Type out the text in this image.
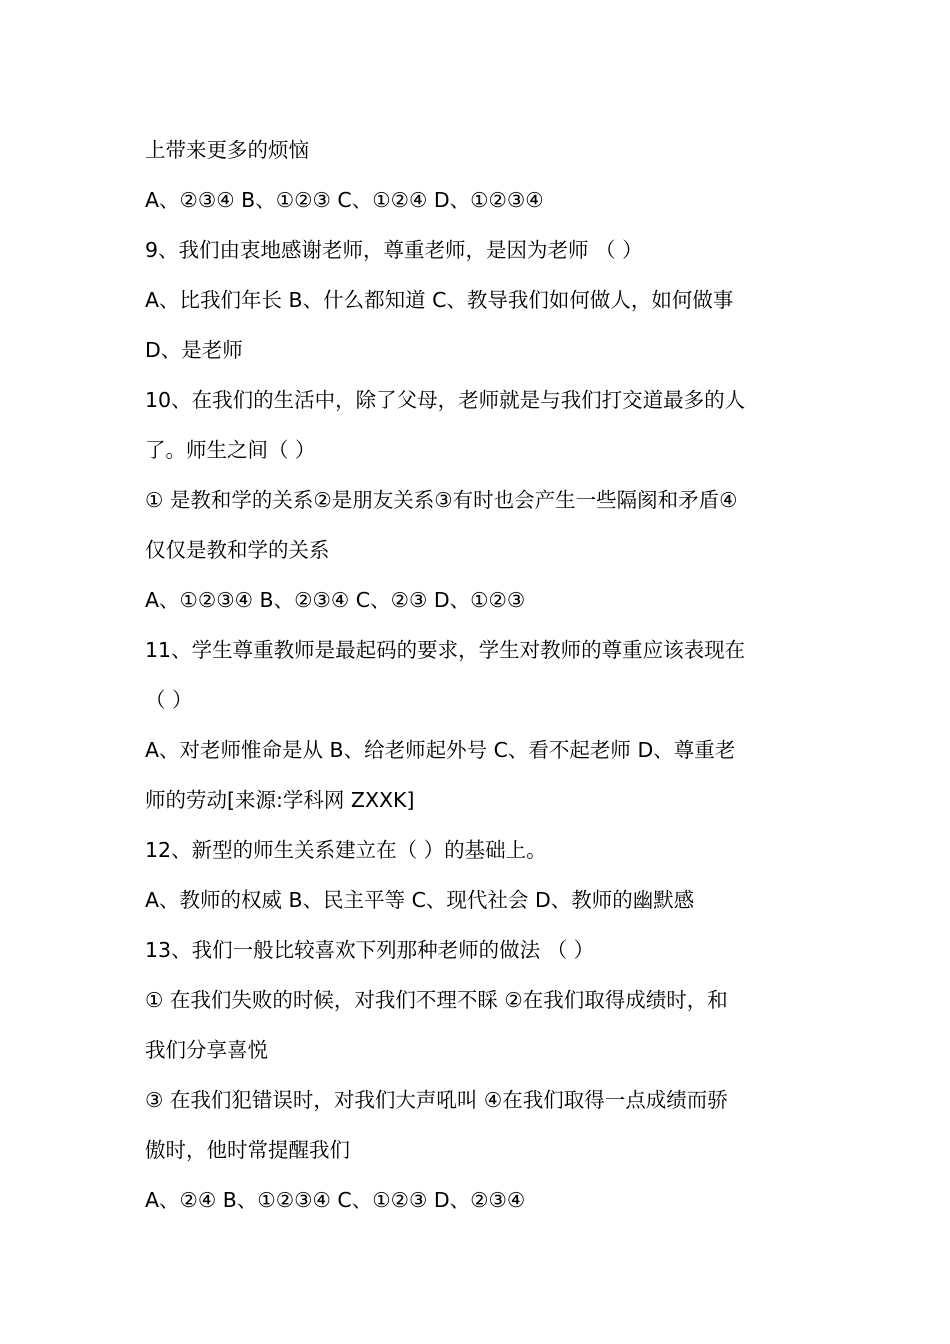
上带来更多的烦恼
A、②③④ B、①②③ C、①②④ D、①②③④
9、我们由衷地感谢老师，尊重老师，是因为老师 （ ）
A、比我们年长 B、什么都知道 C、教导我们如何做人，如何做事
D、是老师
10、在我们的生活中，除了父母，老师就是与我们打交道最多的人
了。师生之间（ ）
① 是教和学的关系②是朋友关系③有时也会产生一些隔阂和矛盾④
仅仅是教和学的关系
A、①②③④ B、②③④ C、②③ D、①②③
11、学生尊重教师是最起码的要求，学生对教师的尊重应该表现在
（ ）
A、对老师惟命是从 B、给老师起外号 C、看不起老师 D、尊重老
师的劳动[来源:学科网 ZXXK]
12、新型的师生关系建立在（ ）的基础上。
A、教师的权威 B、民主平等 C、现代社会 D、教师的幽默感
13、我们一般比较喜欢下列那种老师的做法 （ ）
① 在我们失败的时候，对我们不理不睬 ②在我们取得成绩时，和
我们分享喜悦
③ 在我们犯错误时，对我们大声吼叫 ④在我们取得一点成绩而骄
傲时，他时常提醒我们
A、②④ B、①②③④ C、①②③ D、②③④
